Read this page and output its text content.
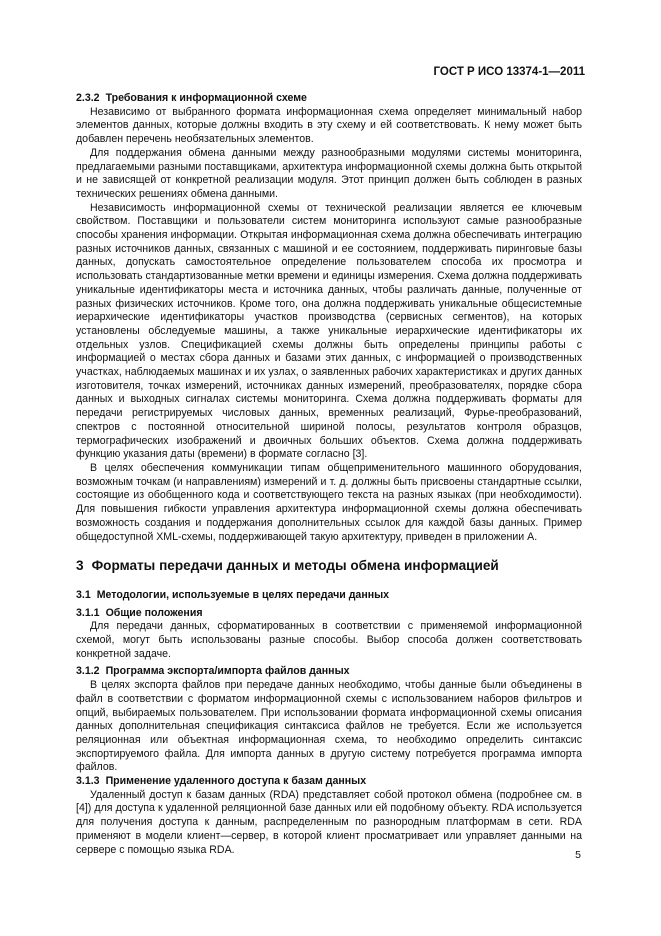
ГОСТ Р ИСО 13374-1—2011

2.3.2 Требования к информационной схеме

Независимо от выбранного формата информационная схема определяет минимальный набор элементов данных, которые должны входить в эту схему и ей соответствовать. К нему может быть добавлен перечень необязательных элементов.

Для поддержания обмена данными между разнообразными модулями системы мониторинга, предлагаемыми разными поставщиками, архитектура информационной схемы должна быть открытой и не зависящей от конкретной реализации модуля. Этот принцип должен быть соблюден в разных технических решениях обмена данными.

Независимость информационной схемы от технической реализации является ее ключевым свойством. Поставщики и пользователи систем мониторинга используют самые разнообразные способы хранения информации. Открытая информационная схема должна обеспечивать интеграцию разных источников данных, связанных с машиной и ее состоянием, поддерживать пиринговые базы данных, допускать самостоятельное определение пользователем способа их просмотра и использовать стандартизованные метки времени и единицы измерения. Схема должна поддерживать уникальные идентификаторы места и источника данных, чтобы различать данные, полученные от разных физических источников. Кроме того, она должна поддерживать уникальные общесистемные иерархические идентификаторы участков производства (сервисных сегментов), на которых установлены обследуемые машины, а также уникальные иерархические идентификаторы их отдельных узлов. Спецификацией схемы должны быть определены принципы работы с информацией о местах сбора данных и базами этих данных, с информацией о производственных участках, наблюдаемых машинах и их узлах, о заявленных рабочих характеристиках и других данных изготовителя, точках измерений, источниках данных измерений, преобразователях, порядке сбора данных и выходных сигналах системы мониторинга. Схема должна поддерживать форматы для передачи регистрируемых числовых данных, временных реализаций, Фурье-преобразований, спектров с постоянной относительной шириной полосы, результатов контроля образцов, термографических изображений и двоичных больших объектов. Схема должна поддерживать функцию указания даты (времени) в формате согласно [3].

В целях обеспечения коммуникации типам общеприменительного машинного оборудования, возможным точкам (и направлениям) измерений и т. д. должны быть присвоены стандартные ссылки, состоящие из обобщенного кода и соответствующего текста на разных языках (при необходимости). Для повышения гибкости управления архитектура информационной схемы должна обеспечивать возможность создания и поддержания дополнительных ссылок для каждой базы данных. Пример общедоступной XML-схемы, поддерживающей такую архитектуру, приведен в приложении А.

3 Форматы передачи данных и методы обмена информацией

3.1 Методологии, используемые в целях передачи данных

3.1.1 Общие положения

Для передачи данных, сформатированных в соответствии с применяемой информационной схемой, могут быть использованы разные способы. Выбор способа должен соответствовать конкретной задаче.

3.1.2 Программа экспорта/импорта файлов данных

В целях экспорта файлов при передаче данных необходимо, чтобы данные были объединены в файл в соответствии с форматом информационной схемы с использованием наборов фильтров и опций, выбираемых пользователем. При использовании формата информационной схемы описания данных дополнительная спецификация синтаксиса файлов не требуется. Если же используется реляционная или объектная информационная схема, то необходимо определить синтаксис экспортируемого файла. Для импорта данных в другую систему потребуется программа импорта файлов.

3.1.3 Применение удаленного доступа к базам данных

Удаленный доступ к базам данных (RDA) представляет собой протокол обмена (подробнее см. в [4]) для доступа к удаленной реляционной базе данных или ей подобному объекту. RDA используется для получения доступа к данным, распределенным по разнородным платформам в сети. RDA применяют в модели клиент—сервер, в которой клиент просматривает или управляет данными на сервере с помощью языка RDA.	5
